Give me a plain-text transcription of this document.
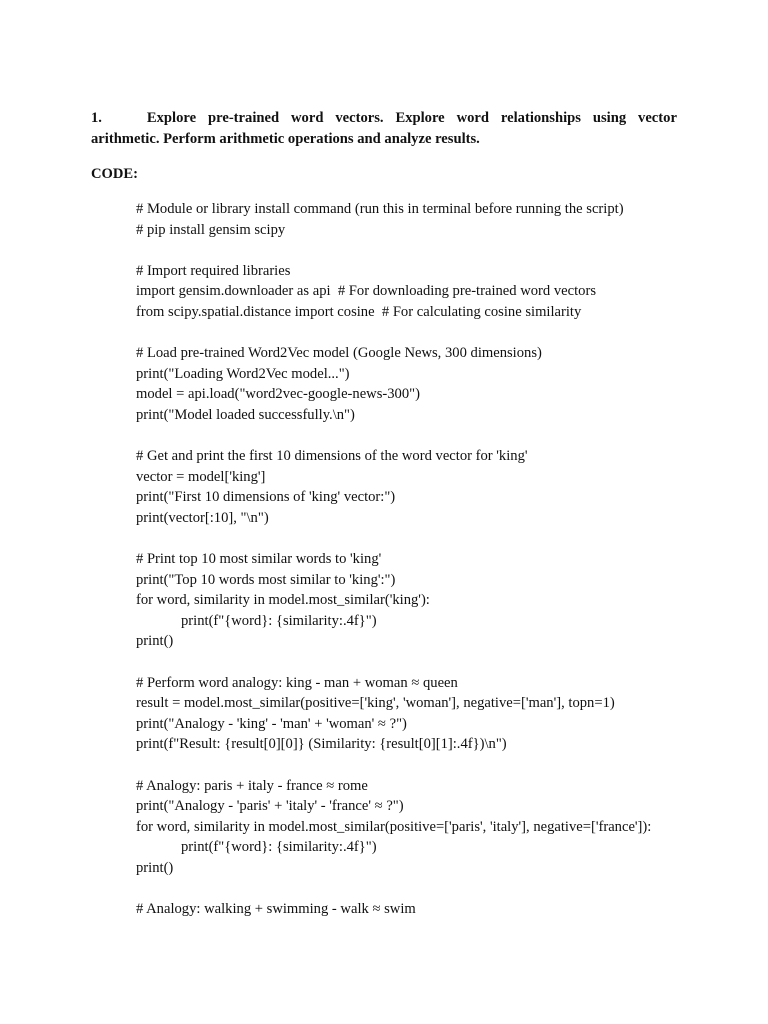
1.	Explore pre-trained word vectors. Explore word relationships using vector
arithmetic. Perform arithmetic operations and analyze results.
CODE:
# Module or library install command (run this in terminal before running the script)
# pip install gensim scipy
# Import required libraries
import gensim.downloader as api  # For downloading pre-trained word vectors
from scipy.spatial.distance import cosine  # For calculating cosine similarity
# Load pre-trained Word2Vec model (Google News, 300 dimensions)
print("Loading Word2Vec model...")
model = api.load("word2vec-google-news-300")
print("Model loaded successfully.\n")
# Get and print the first 10 dimensions of the word vector for 'king'
vector = model['king']
print("First 10 dimensions of 'king' vector:")
print(vector[:10], "\n")
# Print top 10 most similar words to 'king'
print("Top 10 words most similar to 'king':")
for word, similarity in model.most_similar('king'):
print(f"{word}: {similarity:.4f}")
print()
# Perform word analogy: king - man + woman ≈ queen
result = model.most_similar(positive=['king', 'woman'], negative=['man'], topn=1)
print("Analogy - 'king' - 'man' + 'woman' ≈ ?")
print(f"Result: {result[0][0]} (Similarity: {result[0][1]:.4f})\n")
# Analogy: paris + italy - france ≈ rome
print("Analogy - 'paris' + 'italy' - 'france' ≈ ?")
for word, similarity in model.most_similar(positive=['paris', 'italy'], negative=['france']):
print(f"{word}: {similarity:.4f}")
print()
# Analogy: walking + swimming - walk ≈ swim
